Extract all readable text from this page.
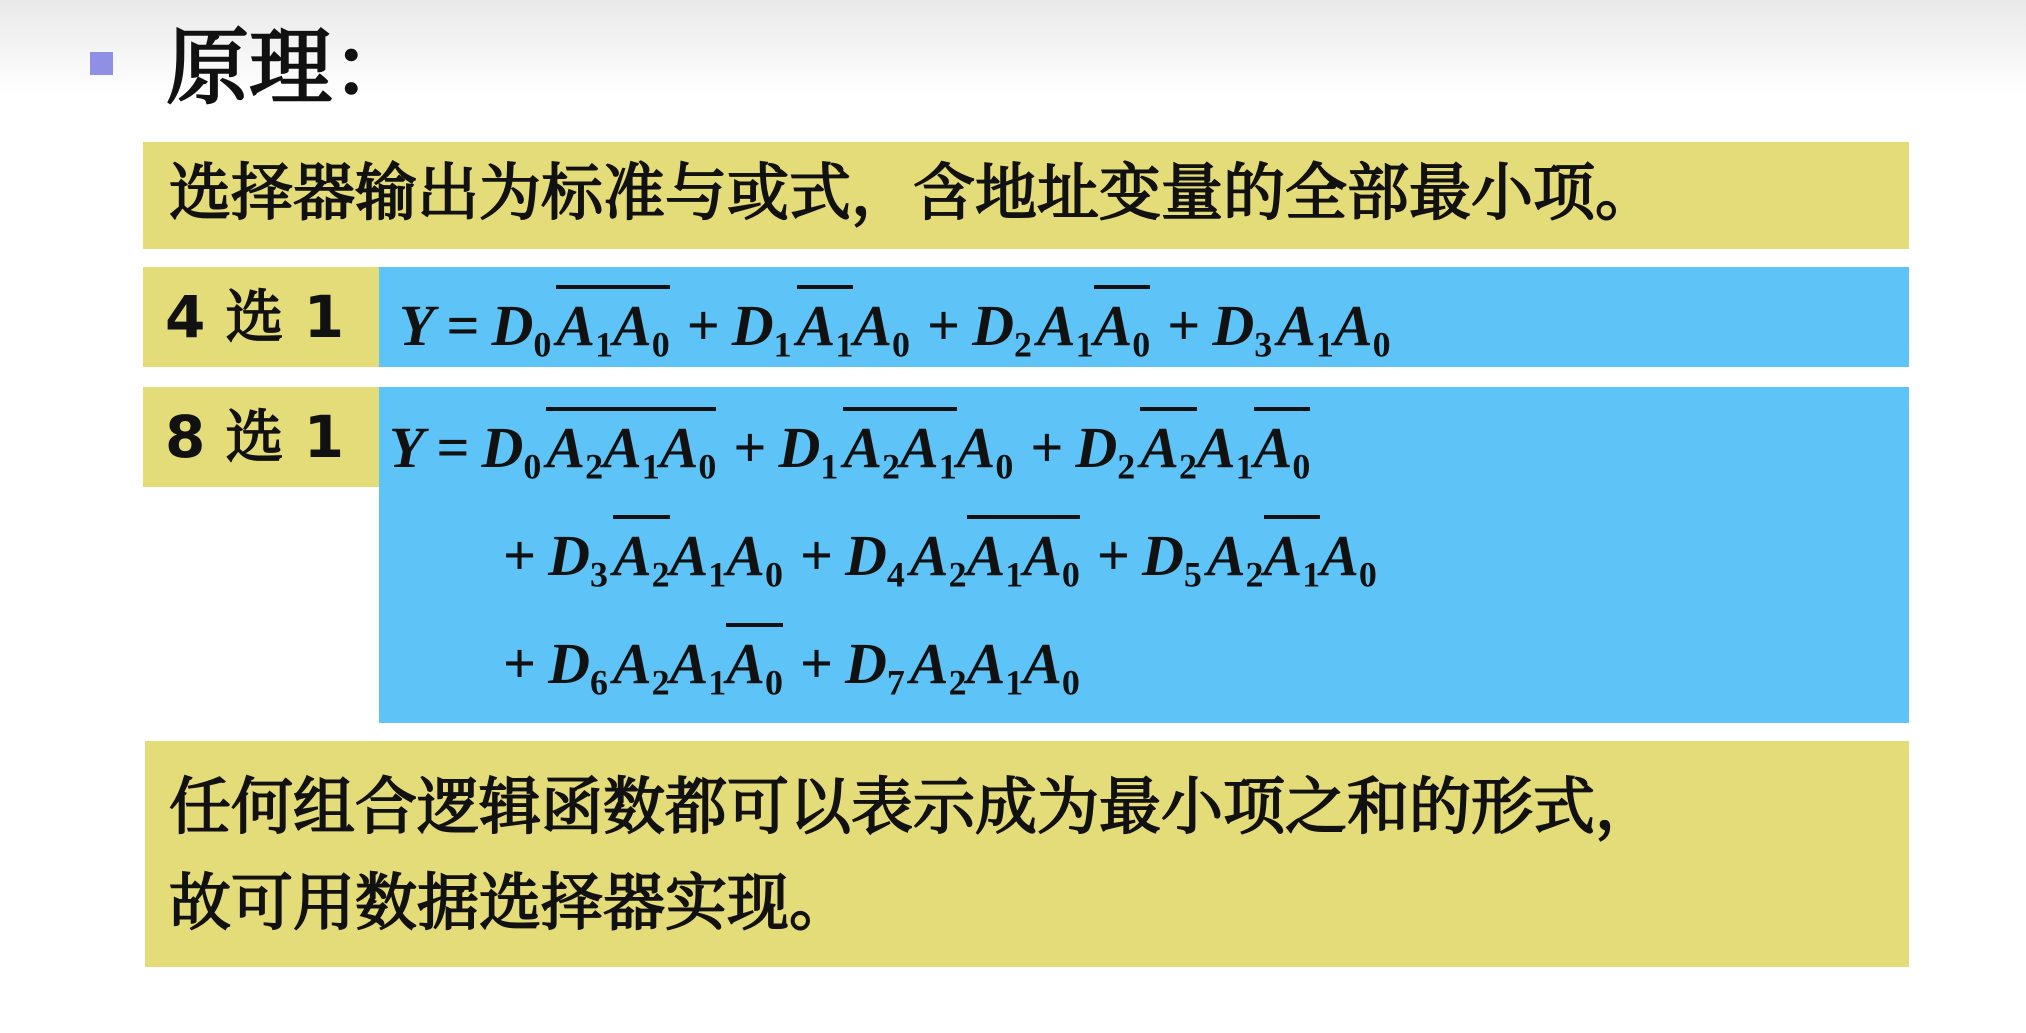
原理：
选择器输出为标准与或式，含地址变量的全部最小项。
4 选 1 $Y = D_0A_1A_0 + D_1A_1A_0 + D_2A_1A_0 + D_3A_1A_0$
8 选 1 $Y = D_0A_2A_1A_0 + D_1A_2A_1A_0 + D_2A_2A_1A_0$
+ $D_3A_2A_1A_0 + D_4A_2A_1A_0 + D_5A_2A_1A_0$
+ $D_6A_2A_1A_0 + D_7A_2A_1A_0$
任何组合逻辑函数都可以表示成为最小项之和的形式，
故可用数据选择器实现。
